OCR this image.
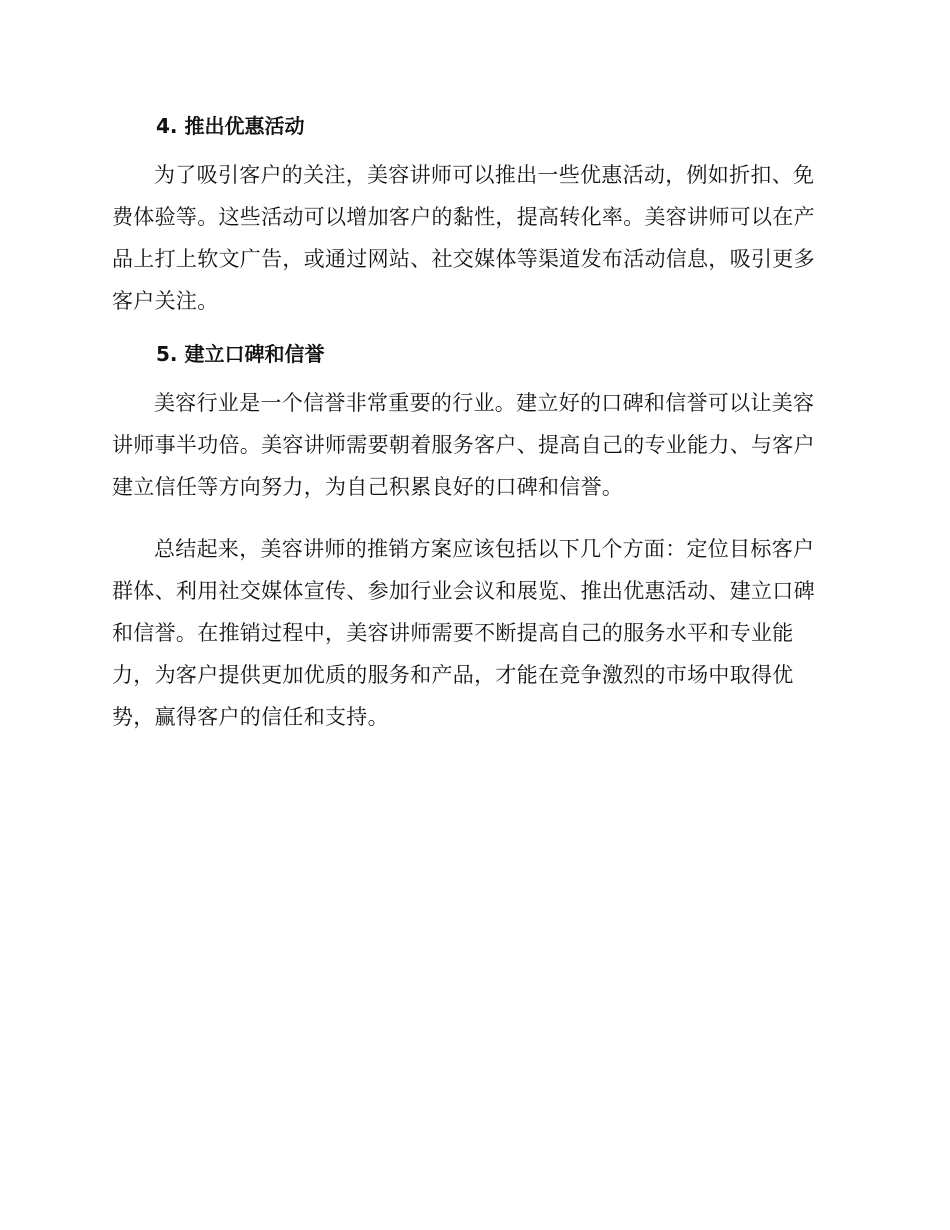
4. 推出优惠活动

为了吸引客户的关注，美容讲师可以推出一些优惠活动，例如折扣、免费体验等。这些活动可以增加客户的黏性，提高转化率。美容讲师可以在产品上打上软文广告，或通过网站、社交媒体等渠道发布活动信息，吸引更多客户关注。

5. 建立口碑和信誉

美容行业是一个信誉非常重要的行业。建立好的口碑和信誉可以让美容讲师事半功倍。美容讲师需要朝着服务客户、提高自己的专业能力、与客户建立信任等方向努力，为自己积累良好的口碑和信誉。

总结起来，美容讲师的推销方案应该包括以下几个方面：定位目标客户群体、利用社交媒体宣传、参加行业会议和展览、推出优惠活动、建立口碑和信誉。在推销过程中，美容讲师需要不断提高自己的服务水平和专业能力，为客户提供更加优质的服务和产品，才能在竞争激烈的市场中取得优势，赢得客户的信任和支持。
